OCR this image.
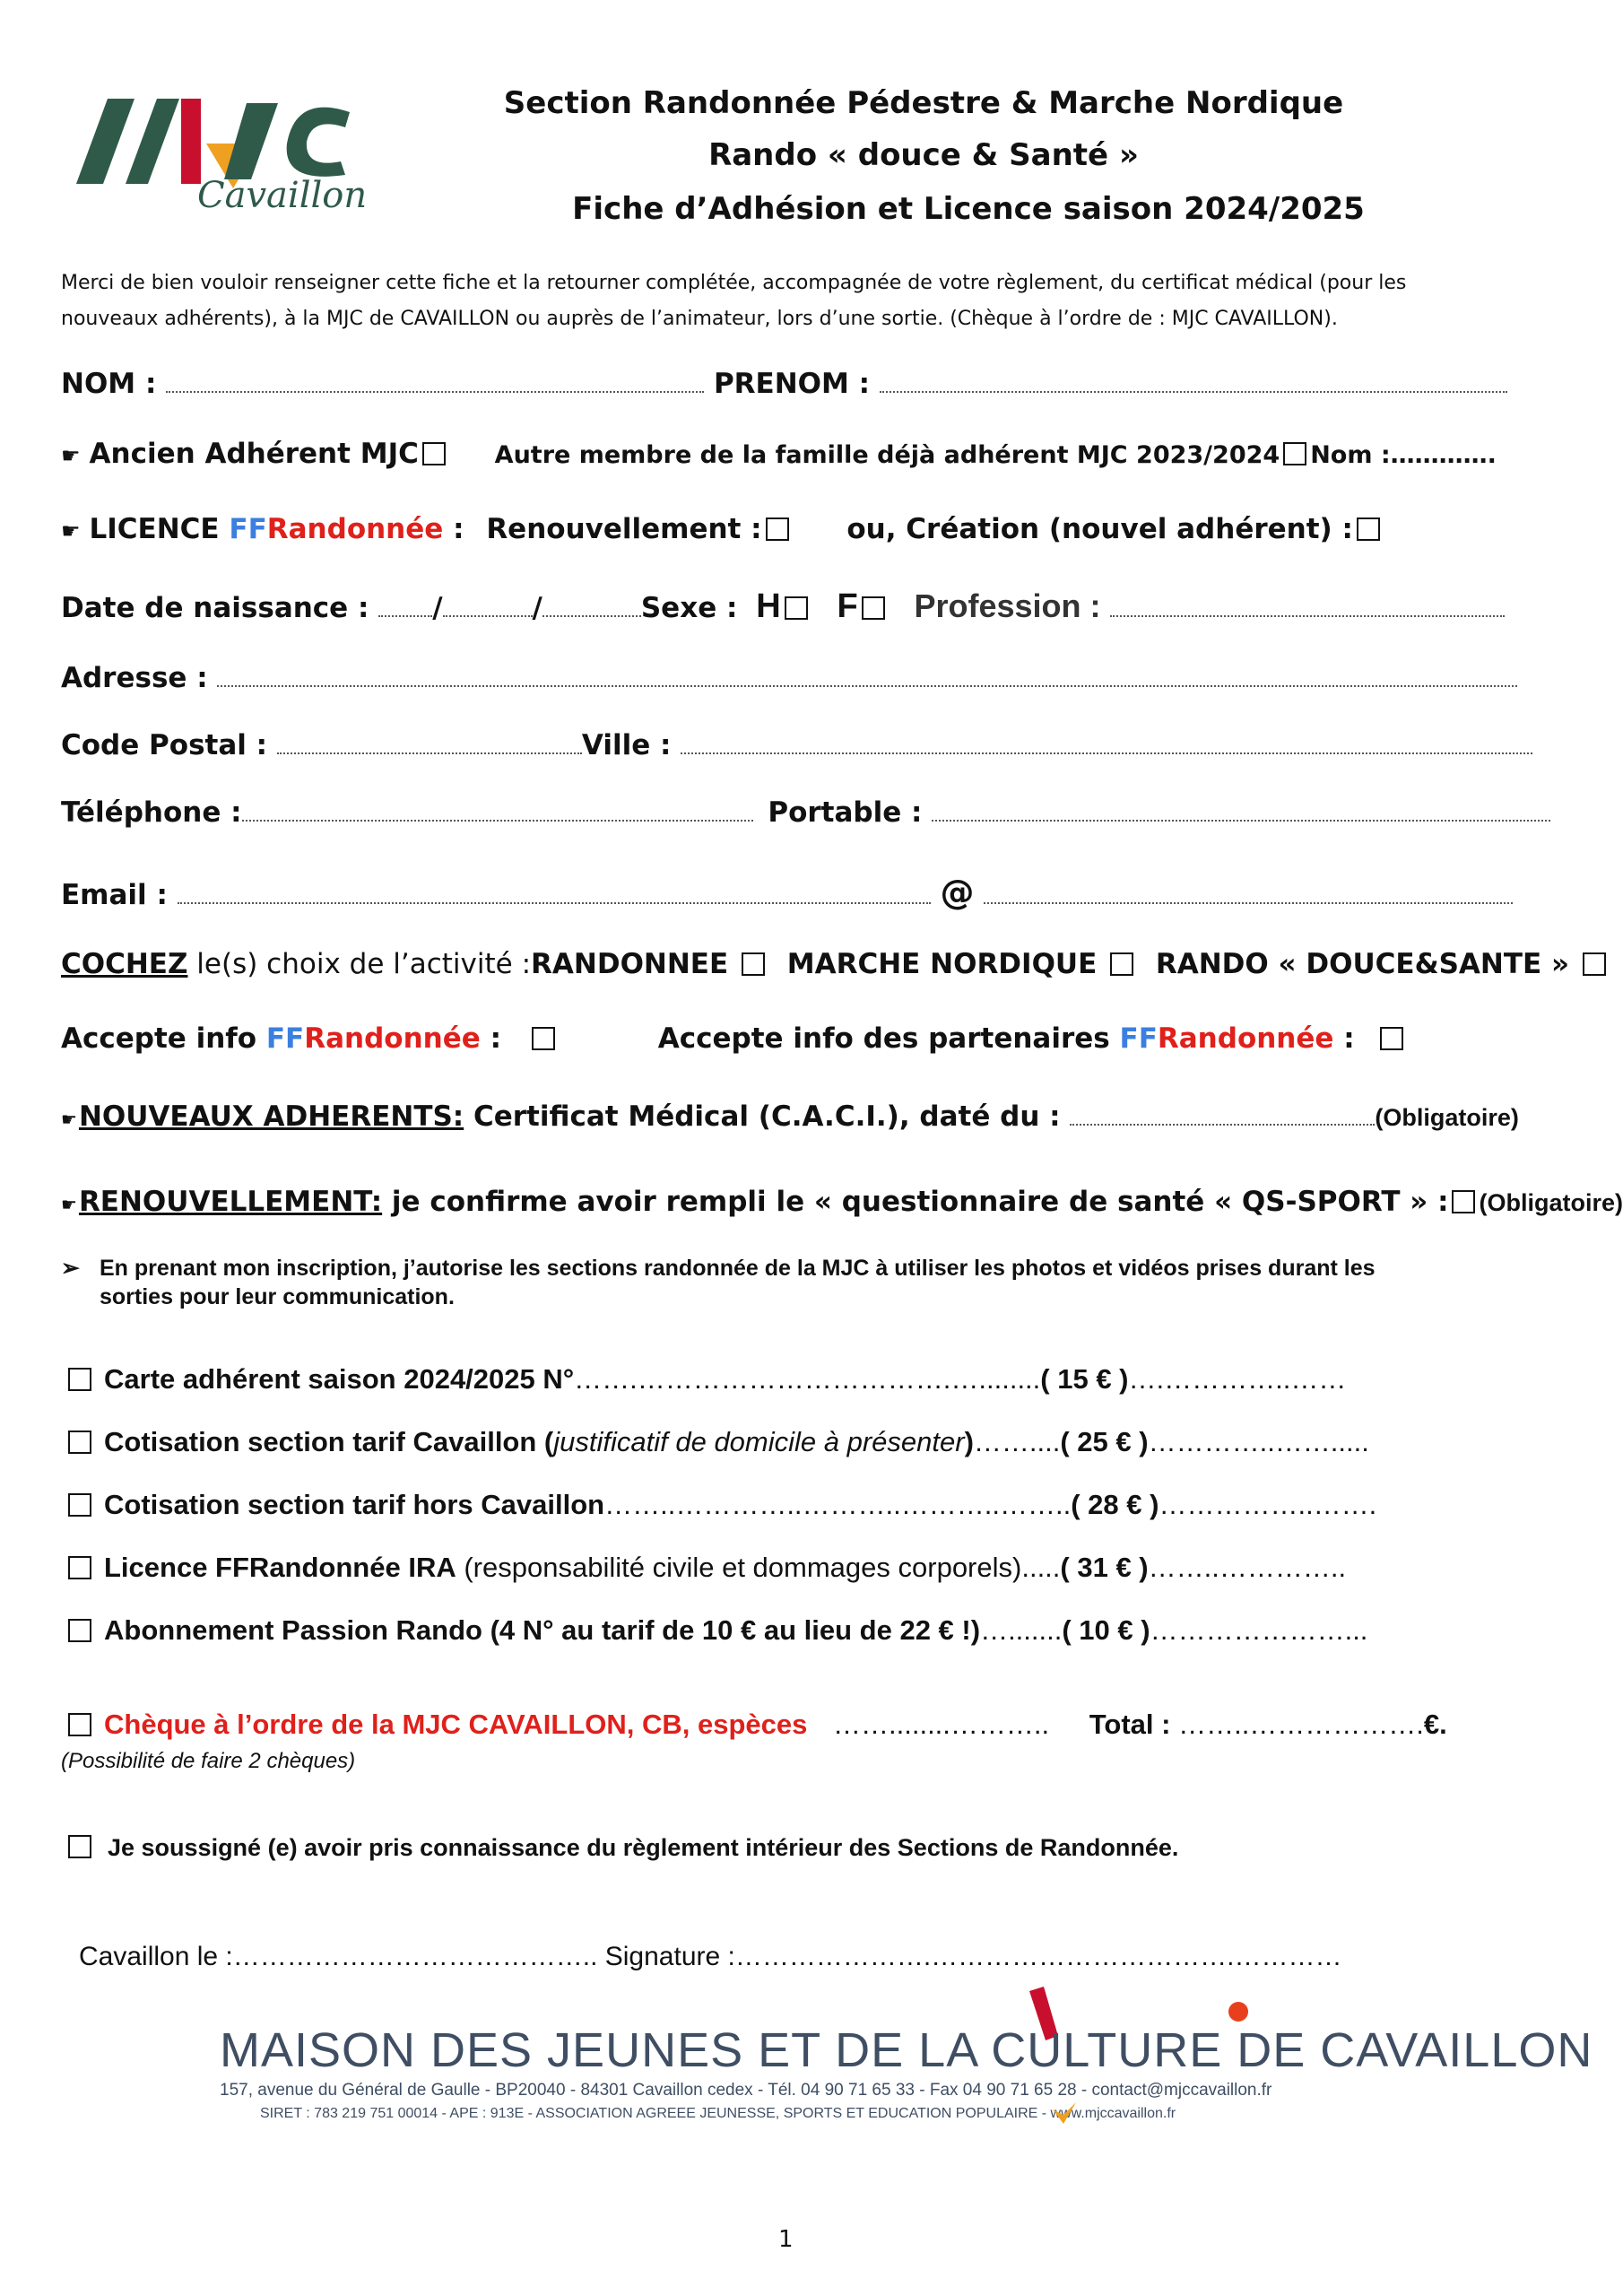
Cavaillon
Section Randonnée Pédestre & Marche Nordique
Rando « douce & Santé »
Fiche d’Adhésion et Licence saison 2024/2025
Merci de bien vouloir renseigner cette fiche et la retourner complétée, accompagnée de votre règlement, du certificat médical (pour les
nouveaux adhérents), à la MJC de CAVAILLON ou auprès de l’animateur, lors d’une sortie. (Chèque à l’ordre de : MJC CAVAILLON).
NOM :	PRENOM :
☛ Ancien Adhérent MJC	Autre membre de la famille déjà adhérent MJC 2023/2024 Nom :………….
☛ LICENCE FFRandonnée : Renouvellement :	ou, Création (nouvel adhérent) :
Date de naissance : /	/	Sexe : H F Profession :
Adresse :
Code Postal :	Ville :
Téléphone :	Portable :
Email :	@
COCHEZ le(s) choix de l’activité :RANDONNEE MARCHE NORDIQUE RANDO « DOUCE&SANTE »
Accepte info FFRandonnée :	Accepte info des partenaires FFRandonnée :
☛NOUVEAUX ADHERENTS: Certificat Médical (C.A.C.I.), daté du :	(Obligatoire)
☛RENOUVELLEMENT: je confirme avoir rempli le « questionnaire de santé « QS-SPORT » : (Obligatoire)
➢ En prenant mon inscription, j’autorise les sections randonnée de la MJC à utiliser les photos et vidéos prises durant les
sorties pour leur communication.
Carte adhérent saison 2024/2025 N°…….…………………………….…........( 15 € )….…………..……
Cotisation section tarif Cavaillon (justificatif de domicile à présenter)……....( 25 € )…………..…….....
Cotisation section tarif hors Cavaillon……..…………..………..………..……..( 28 € )……………..…….
Licence FFRandonnée IRA (responsabilité civile et dommages corporels).....( 31 € )……..…………..
Abonnement Passion Rando (4 N° au tarif de 10 € au lieu de 22 € !)….......( 10 € )…………………...
Chèque à l’ordre de la MJC CAVAILLON, CB, espèces ……........……….. Total : ……..……………….€.
(Possibilité de faire 2 chèques)
Je soussigné (e) avoir pris connaissance du règlement intérieur des Sections de Randonnée.
Cavaillon le :………………………………….. Signature :………………….…………………………….…………
MAISON DES JEUNES ET DE LA CULTURE DE CAVAILLON
157, avenue du Général de Gaulle - BP20040 - 84301 Cavaillon cedex - Tél. 04 90 71 65 33 - Fax 04 90 71 65 28 - contact@mjccavaillon.fr
SIRET : 783 219 751 00014 - APE : 913E - ASSOCIATION AGREEE JEUNESSE, SPORTS ET EDUCATION POPULAIRE - www.mjccavaillon.fr
1
